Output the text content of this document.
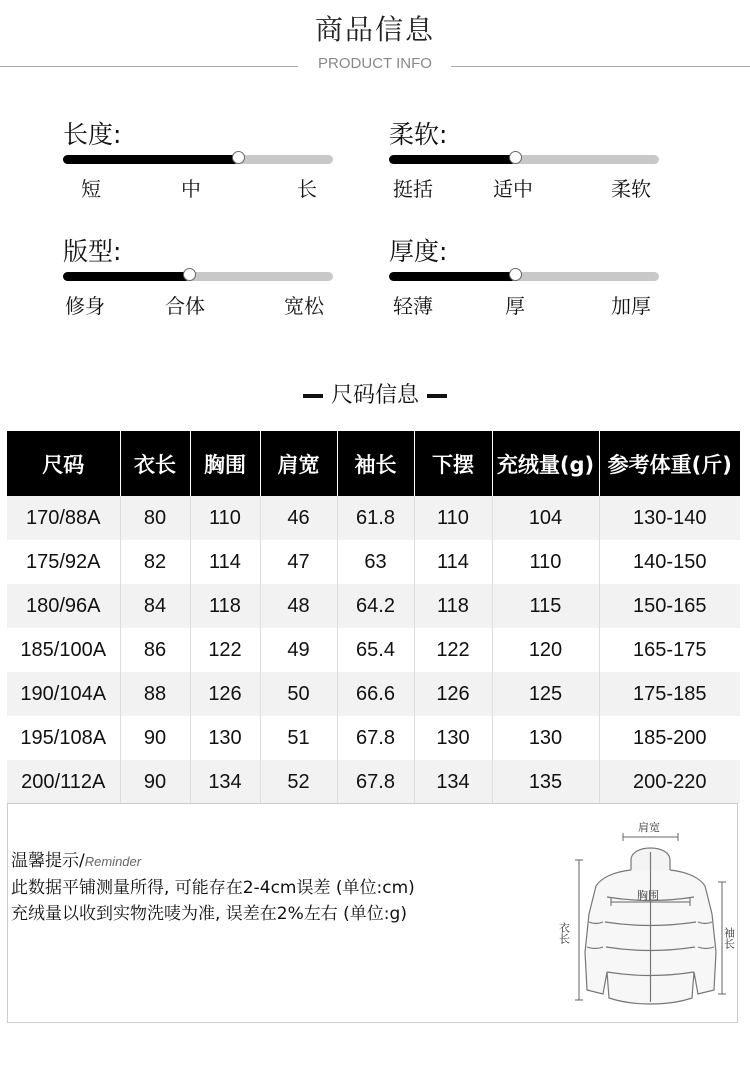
商品信息
PRODUCT INFO
长度:
短	中	长
柔软:
挺括	适中	柔软
版型:
修身	合体	宽松
厚度:
轻薄	厚	加厚
尺码信息
尺码	衣长	胸围	肩宽	袖长	下摆	充绒量(g)	参考体重(斤)
170/88A	80	110	46	61.8	110	104	130-140
175/92A	82	114	47	63	114	110	140-150
180/96A	84	118	48	64.2	118	115	150-165
185/100A	86	122	49	65.4	122	120	165-175
190/104A	88	126	50	66.6	126	125	175-185
195/108A	90	130	51	67.8	130	130	185-200
200/112A	90	134	52	67.8	134	135	200-220
温馨提示/Reminder
此数据平铺测量所得, 可能存在2-4cm误差 (单位:cm)
充绒量以收到实物洗唛为准, 误差在2%左右 (单位:g)
肩宽
胸围
衣长	袖长
